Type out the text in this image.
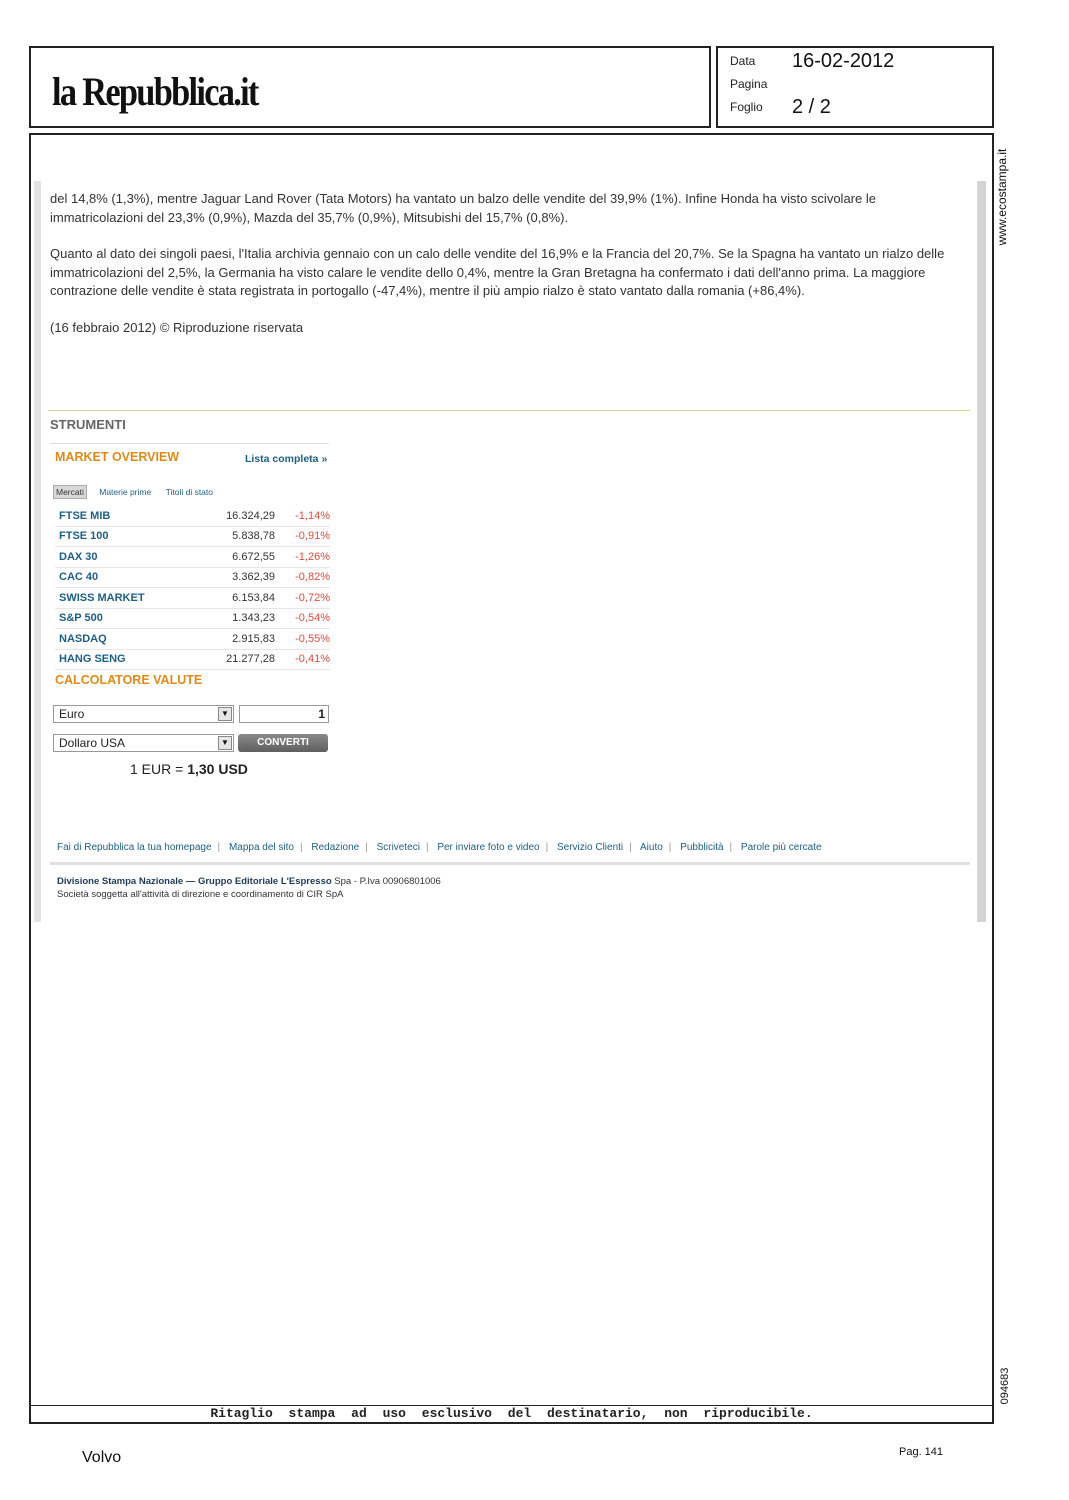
la Repubblica.it
Data 16-02-2012
Pagina
Foglio 2 / 2
Ritaglio stampa ad uso esclusivo del destinatario, non riproducibile.
www.ecostampa.it
094683

del 14,8% (1,3%), mentre Jaguar Land Rover (Tata Motors) ha vantato un balzo delle vendite del 39,9% (1%). Infine Honda ha visto scivolare le immatricolazioni del 23,3% (0,9%), Mazda del 35,7% (0,9%), Mitsubishi del 15,7% (0,8%).

Quanto al dato dei singoli paesi, l'Italia archivia gennaio con un calo delle vendite del 16,9% e la Francia del 20,7%. Se la Spagna ha vantato un rialzo delle immatricolazioni del 2,5%, la Germania ha visto calare le vendite dello 0,4%, mentre la Gran Bretagna ha confermato i dati dell'anno prima. La maggiore contrazione delle vendite è stata registrata in portogallo (-47,4%), mentre il più ampio rialzo è stato vantato dalla romania (+86,4%).

(16 febbraio 2012) © Riproduzione riservata

STRUMENTI
MARKET OVERVIEW	Lista completa »
Mercati Materie prime Titoli di stato
FTSE MIB	16.324,29	-1,14%
FTSE 100	5.838,78	-0,91%
DAX 30	6.672,55	-1,26%
CAC 40	3.362,39	-0,82%
SWISS MARKET	6.153,84	-0,72%
S&P 500	1.343,23	-0,54%
NASDAQ	2.915,83	-0,55%
HANG SENG	21.277,28	-0,41%
CALCOLATORE VALUTE
Euro	▼	1
Dollaro USA	▼	CONVERTI
1 EUR = 1,30 USD
Fai di Repubblica la tua homepage | Mappa del sito | Redazione | Scriveteci | Per inviare foto e video | Servizio Clienti | Aiuto | Pubblicità | Parole più cercate
Divisione Stampa Nazionale — Gruppo Editoriale L'Espresso Spa - P.Iva 00906801006
Società soggetta all'attività di direzione e coordinamento di CIR SpA
Volvo	Pag. 141
